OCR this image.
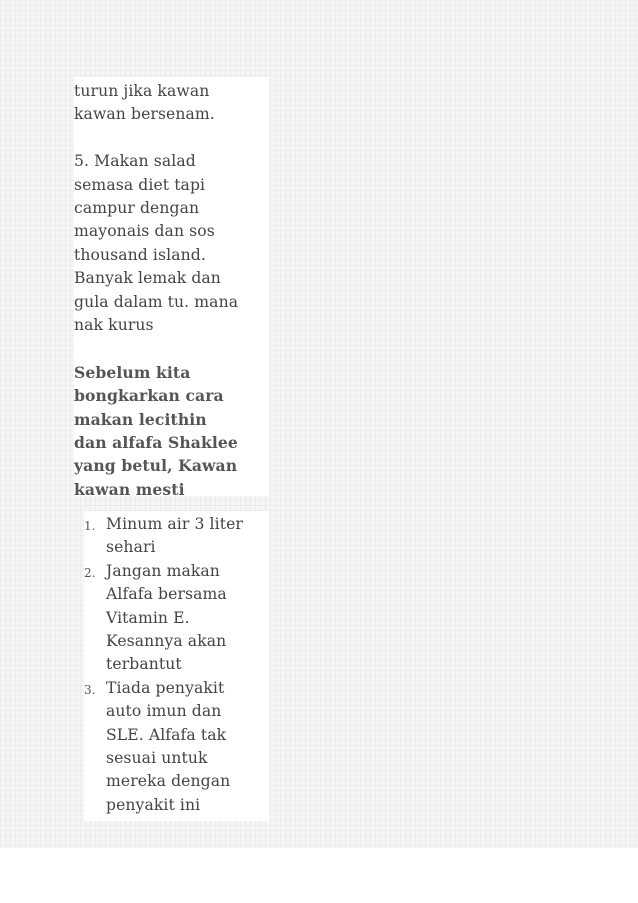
turun jika kawan
kawan bersenam.

5. Makan salad
semasa diet tapi
campur dengan
mayonais dan sos
thousand island.
Banyak lemak dan
gula dalam tu. mana
nak kurus

Sebelum kita
bongkarkan cara
makan lecithin
dan alfafa Shaklee
yang betul, Kawan
kawan mesti

1. Minum air 3 liter
sehari
2. Jangan makan
Alfafa bersama
Vitamin E.
Kesannya akan
terbantut
3. Tiada penyakit
auto imun dan
SLE. Alfafa tak
sesuai untuk
mereka dengan
penyakit ini
